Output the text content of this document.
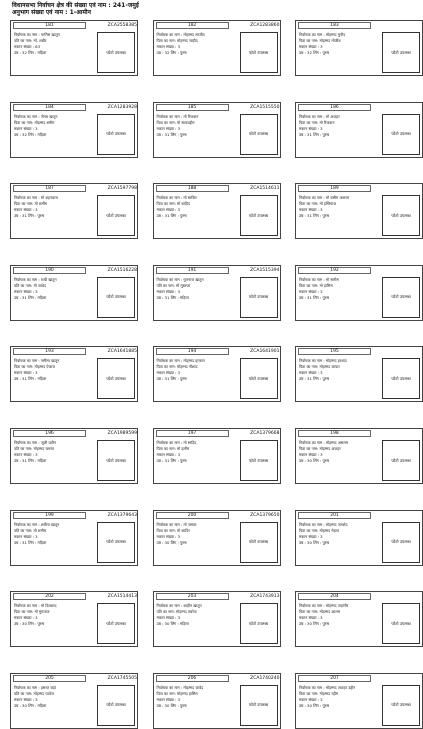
विधानसभा निर्वाचन क्षेत्र की संख्या एवं नाम : 241-जमुई
अनुभाग संख्या एवं नाम : 1-आमीन
181	ZCA2558385
निर्वाचक का नाम : नरगिस खातून
पति का नाम: मो. शबीर
मकान संख्या : 83
उम्र : 32 लिंग : महिला	फोटो उपलब्ध
182	ZCA1283860
निर्वाचक का नाम : मोहम्मद साजीद
पिता का नाम: मोहम्मद जाहीद
मकान संख्या : 3
उम्र : 32 लिंग : पुरुष	फोटो उपलब्ध
183
निर्वाचक का नाम : मोहम्मद मुनीद
पिता का नाम: मोहम्मद मोजीब
मकान संख्या : 3
उम्र : 32 लिंग : पुरुष	फोटो उपलब्ध
184	ZCA1283928
निर्वाचक का नाम : जैनब खातून
पिता का नाम: मोहम्मद शमीम
मकान संख्या : 3
उम्र : 32 लिंग : महिला	फोटो उपलब्ध
185	ZCA1515550
निर्वाचक का नाम : मो रिजवान
पिता का नाम: मो सलाउद्दीन
मकान संख्या : 3
उम्र : 31 लिंग : पुरुष	फोटो उपलब्ध
186
निर्वाचक का नाम : मो अजहर
पिता का नाम: मो रिजवान
मकान संख्या : 3
उम्र : 31 लिंग : पुरुष	फोटो उपलब्ध
187	ZCA1597798
निर्वाचक का नाम : मो शहनवाज
पिता का नाम: मो शमीम
मकान संख्या : 3
उम्र : 31 लिंग : पुरुष	फोटो उपलब्ध
188	ZCA1514611
निर्वाचक का नाम : मो साकिर
पिता का नाम: मो शाहिद
मकान संख्या : 3
उम्र : 31 लिंग : पुरुष	फोटो उपलब्ध
189
निर्वाचक का नाम : मो वसीम अकरम
पिता का नाम: मो इम्तियाज
मकान संख्या : 3
उम्र : 31 लिंग : पुरुष	फोटो उपलब्ध
190	ZCA1516228
निर्वाचक का नाम : रूबी खातून
पति का नाम: मो जावेद
मकान संख्या : 3
उम्र : 31 लिंग : महिला	फोटो उपलब्ध
191	ZCA1515394
निर्वाचक का नाम : गुलनाज खातून
पति का नाम: मो मुस्तफा
मकान संख्या : 3
उम्र : 31 लिंग : महिला	फोटो उपलब्ध
192
निर्वाचक का नाम : मो सलीम
पिता का नाम: मो हासिम
मकान संख्या : 3
उम्र : 31 लिंग : पुरुष	फोटो उपलब्ध
193	ZCA1641885
निर्वाचक का नाम : नसीमा खातून
पिता का नाम: मोहम्मद ऐजाज
मकान संख्या : 3
उम्र : 31 लिंग : महिला	फोटो उपलब्ध
194	ZCA1641901
निर्वाचक का नाम : मोहम्मद इरफान
पिता का नाम: मोहम्मद नौशाद
मकान संख्या : 3
उम्र : 31 लिंग : पुरुष	फोटो उपलब्ध
195
निर्वाचक का नाम : मोहम्मद इरशाद
पिता का नाम: मोहम्मद जाफर
मकान संख्या : 3
उम्र : 31 लिंग : पुरुष	फोटो उपलब्ध
196	ZCA1989599
निर्वाचक का नाम : जूली प्रवीन
पति का नाम: मोहम्मद जमाल
मकान संख्या : 3
उम्र : 31 लिंग : महिला	फोटो उपलब्ध
197	ZCA1379668
निर्वाचक का नाम : मो साहिद
पिता का नाम: मो हलीम
मकान संख्या : 3
उम्र : 31 लिंग : पुरुष	फोटो उपलब्ध
198
निर्वाचक का नाम : मोहम्मद असलम
पिता का नाम: मोहम्मद अजहर
मकान संख्या : 3
उम्र : 30 लिंग : पुरुष	फोटो उपलब्ध
199	ZCA1379643
निर्वाचक का नाम : शबीना खातून
पति का नाम: मो शमीम
मकान संख्या : 3
उम्र : 31 लिंग : महिला	फोटो उपलब्ध
200	ZCA1379650
निर्वाचक का नाम : मो जमाल
पिता का नाम: मो कादिर
मकान संख्या : 3
उम्र : 30 लिंग : पुरुष	फोटो उपलब्ध
201
निर्वाचक का नाम : मोहम्मद जमशेद
पिता का नाम: मोहम्मद नेहाल
मकान संख्या : 3
उम्र : 30 लिंग : पुरुष	फोटो उपलब्ध
202	ZCA1514413
निर्वाचक का नाम : मो दिलशाद
पिता का नाम: मो मुमताज
मकान संख्या : 3
उम्र : 30 लिंग : पुरुष	फोटो उपलब्ध
203	ZCA1743913
निर्वाचक का नाम : शाहीन खातून
पति का नाम: मोहम्मद तबरेज
मकान संख्या : 3
उम्र : 30 लिंग : महिला	फोटो उपलब्ध
204
निर्वाचक का नाम : मोहम्मद जहांगीर
पिता का नाम: मोहम्मद आलम
मकान संख्या : 3
उम्र : 30 लिंग : पुरुष	फोटो उपलब्ध
205	ZCA1745505
निर्वाचक का नाम : इसरत जहां
पति का नाम: मोहम्मद परवेज
मकान संख्या : 3
उम्र : 30 लिंग : महिला	फोटो उपलब्ध
206	ZCA1740240
निर्वाचक का नाम : मोहम्मद जावेद
पिता का नाम: मोहम्मद हासिम
मकान संख्या : 3
उम्र : 30 लिंग : पुरुष	फोटो उपलब्ध
207
निर्वाचक का नाम : मोहम्मद अजहर उद्दीन
पिता का नाम: मोहम्मद रहीम
मकान संख्या : 3
उम्र : 30 लिंग : पुरुष	फोटो उपलब्ध
